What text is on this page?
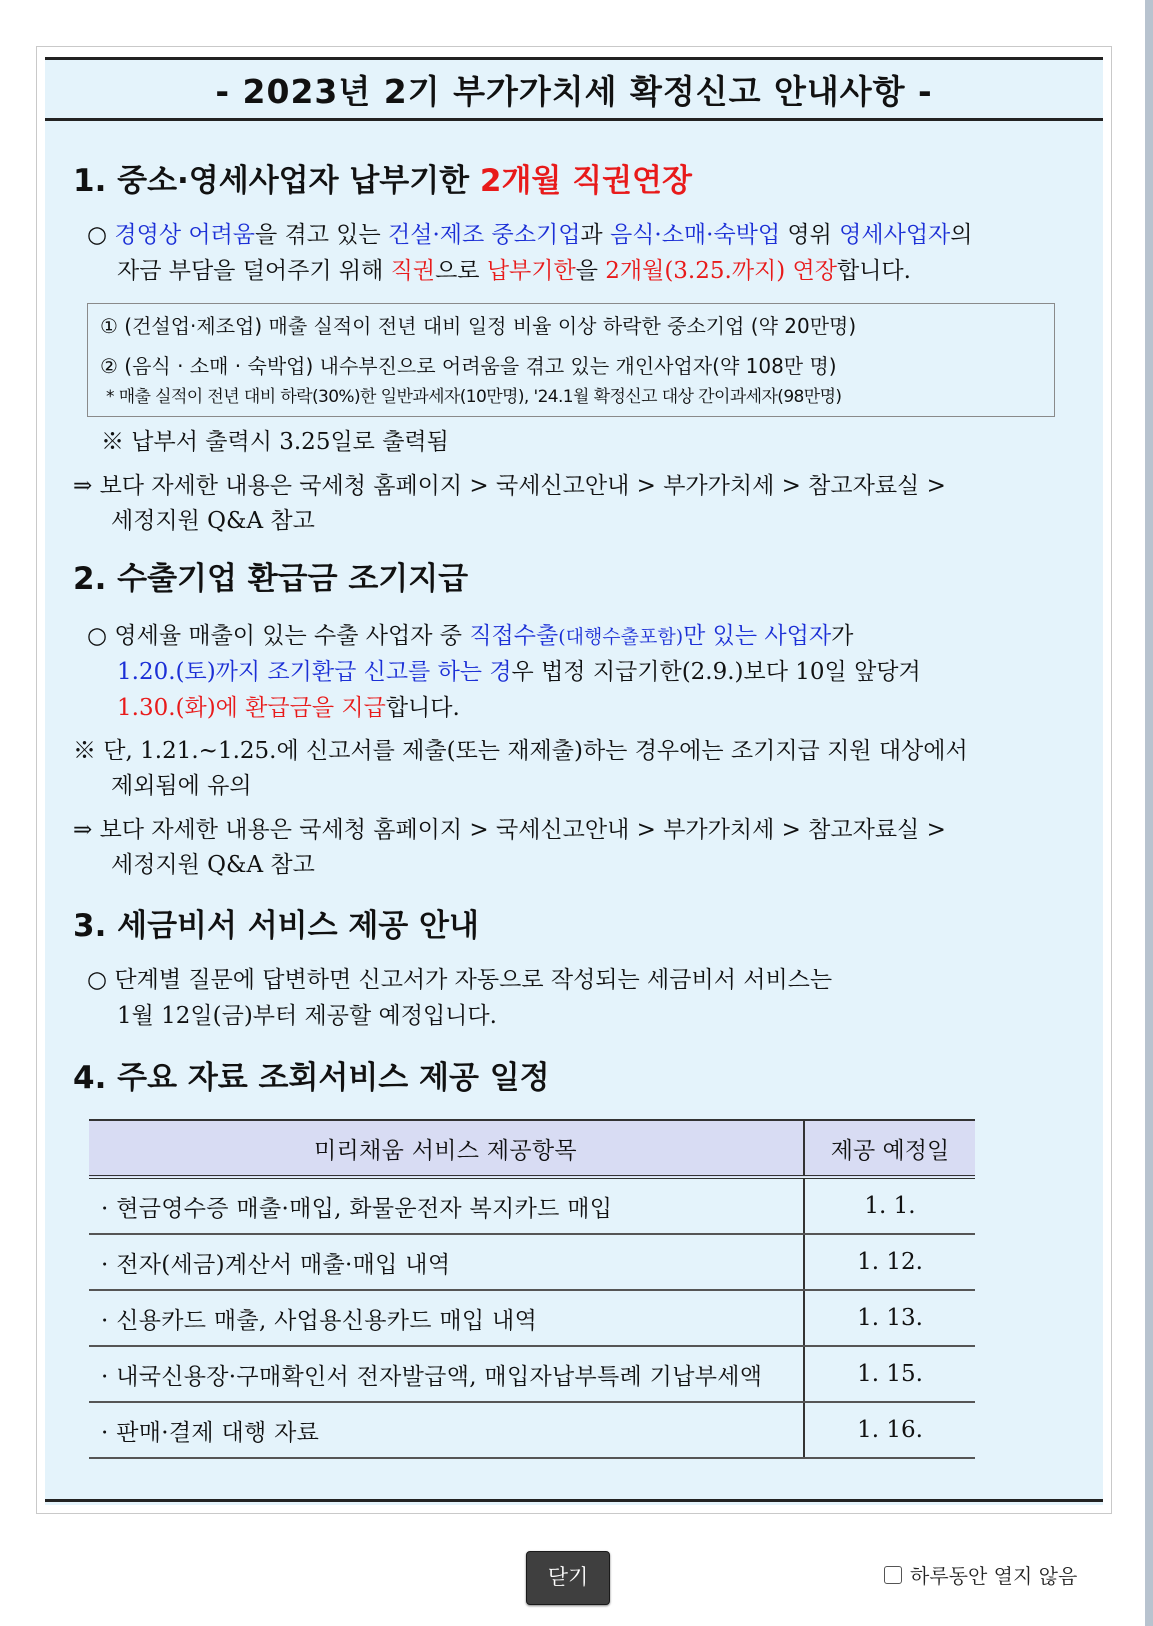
- 2023년 2기 부가가치세 확정신고 안내사항 -
1. 중소·영세사업자 납부기한 2개월 직권연장
○ 경영상 어려움을 겪고 있는 건설·제조 중소기업과 음식·소매·숙박업 영위 영세사업자의
자금 부담을 덜어주기 위해 직권으로 납부기한을 2개월(3.25.까지) 연장합니다.
① (건설업·제조업) 매출 실적이 전년 대비 일정 비율 이상 하락한 중소기업 (약 20만명)
② (음식 · 소매 · 숙박업) 내수부진으로 어려움을 겪고 있는 개인사업자(약 108만 명)
* 매출 실적이 전년 대비 하락(30%)한 일반과세자(10만명), '24.1월 확정신고 대상 간이과세자(98만명)
※ 납부서 출력시 3.25일로 출력됨
⇒ 보다 자세한 내용은 국세청 홈페이지 > 국세신고안내 > 부가가치세 > 참고자료실 >
세정지원 Q&A 참고
2. 수출기업 환급금 조기지급
○ 영세율 매출이 있는 수출 사업자 중 직접수출(대행수출포함)만 있는 사업자가
1.20.(토)까지 조기환급 신고를 하는 경우 법정 지급기한(2.9.)보다 10일 앞당겨
1.30.(화)에 환급금을 지급합니다.
※ 단, 1.21.~1.25.에 신고서를 제출(또는 재제출)하는 경우에는 조기지급 지원 대상에서
제외됨에 유의
⇒ 보다 자세한 내용은 국세청 홈페이지 > 국세신고안내 > 부가가치세 > 참고자료실 >
세정지원 Q&A 참고
3. 세금비서 서비스 제공 안내
○ 단계별 질문에 답변하면 신고서가 자동으로 작성되는 세금비서 서비스는
1월 12일(금)부터 제공할 예정입니다.
4. 주요 자료 조회서비스 제공 일정
미리채움 서비스 제공항목	제공 예정일
· 현금영수증 매출·매입, 화물운전자 복지카드 매입	1. 1.
· 전자(세금)계산서 매출·매입 내역	1. 12.
· 신용카드 매출, 사업용신용카드 매입 내역	1. 13.
· 내국신용장·구매확인서 전자발급액, 매입자납부특례 기납부세액	1. 15.
· 판매·결제 대행 자료	1. 16.
닫기	하루동안 열지 않음
